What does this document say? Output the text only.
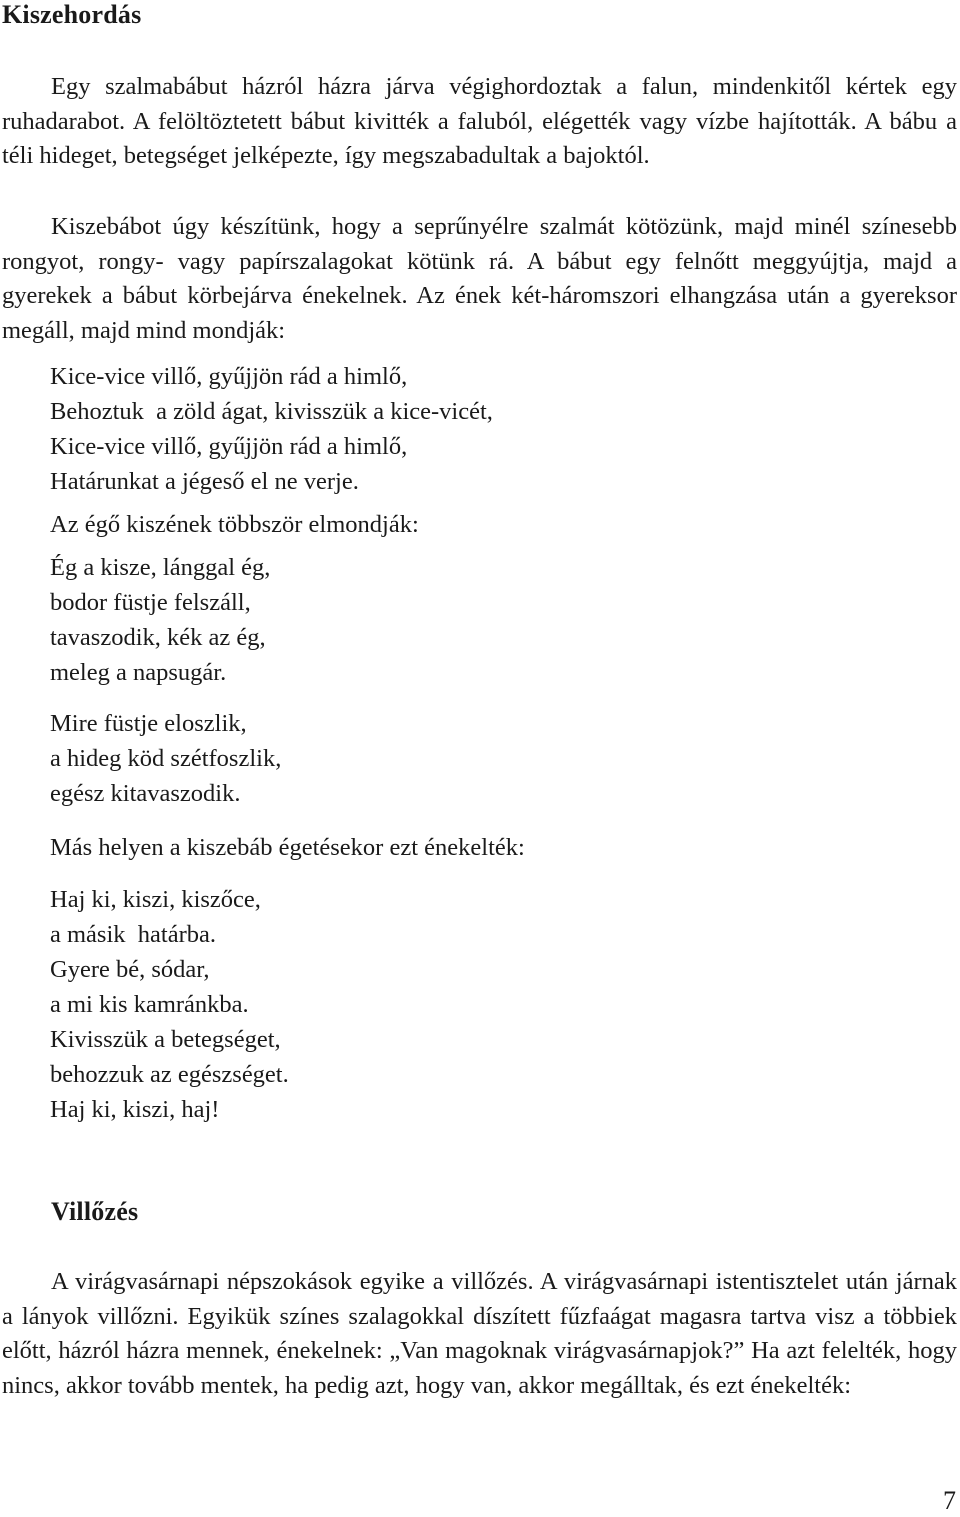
Kiszehordás

Egy szalmabábut házról házra járva végighordoztak a falun, mindenkitől kértek egy ruhadarabot. A felöltöztetett bábut kivitték a faluból, elégették vagy vízbe hajították. A bábu a téli hideget, betegséget jelképezte, így megszabadultak a bajoktól.

Kiszebábot úgy készítünk, hogy a seprűnyélre szalmát kötözünk, majd minél színesebb rongyot, rongy- vagy papírszalagokat kötünk rá. A bábut egy felnőtt meggyújtja, majd a gyerekek a bábut körbejárva énekelnek. Az ének két-háromszori elhangzása után a gyereksor megáll, majd mind mondják:

Kice-vice villő, gyűjjön rád a himlő,
Behoztuk  a zöld ágat, kivisszük a kice-vicét,
Kice-vice villő, gyűjjön rád a himlő,
Határunkat a jégeső el ne verje.
Az égő kiszének többször elmondják:
Ég a kisze, lánggal ég,
bodor füstje felszáll,
tavaszodik, kék az ég,
meleg a napsugár.
Mire füstje eloszlik,
a hideg köd szétfoszlik,
egész kitavaszodik.
Más helyen a kiszebáb égetésekor ezt énekelték:
Haj ki, kiszi, kiszőce,
a másik  határba.
Gyere bé, sódar,
a mi kis kamránkba.
Kivisszük a betegséget,
behozzuk az egészséget.
Haj ki, kiszi, haj!
Villőzés

A virágvasárnapi népszokások egyike a villőzés. A virágvasárnapi istentisztelet után járnak a lányok villőzni. Egyikük színes szalagokkal díszített fűzfaágat magasra tartva visz a többiek előtt, házról házra mennek, énekelnek: „Van magoknak virágvasárnapjok?” Ha azt felelték, hogy nincs, akkor tovább mentek, ha pedig azt, hogy van, akkor megálltak, és ezt énekelték:

7
